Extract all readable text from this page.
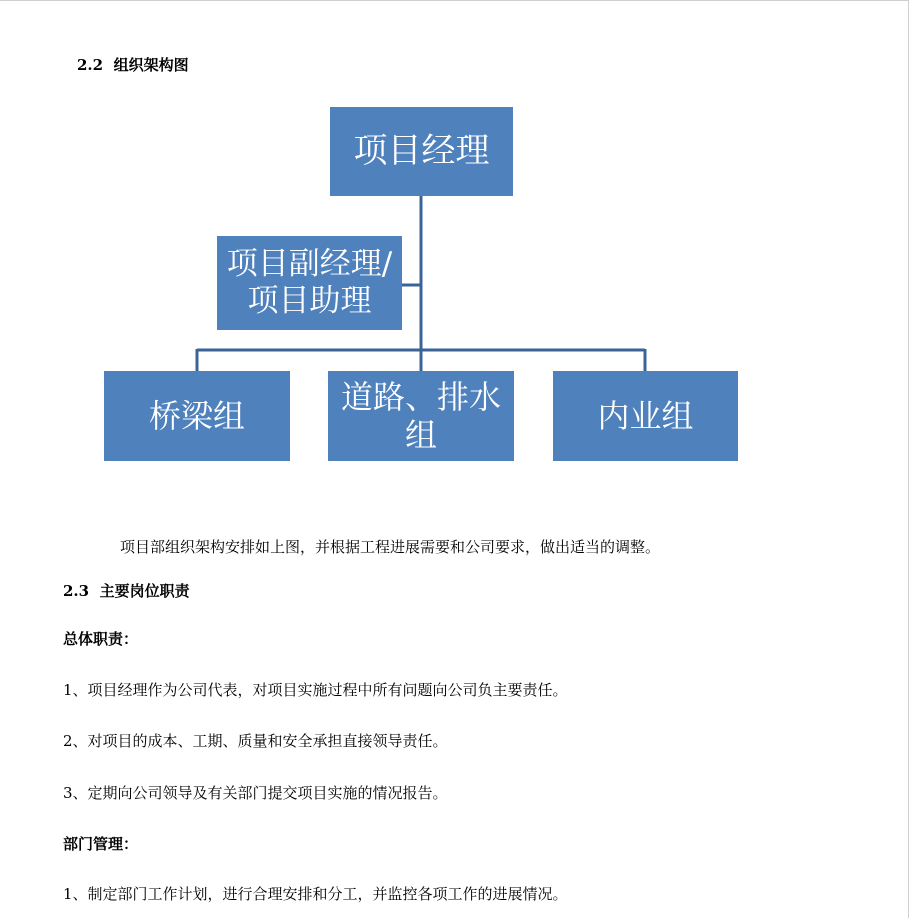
2.2 组织架构图
项目经理
项目副经理/项目助理
桥梁组
道路、排水组
内业组
项目部组织架构安排如上图，并根据工程进展需要和公司要求，做出适当的调整。
2.3 主要岗位职责
总体职责：
1、项目经理作为公司代表，对项目实施过程中所有问题向公司负主要责任。
2、对项目的成本、工期、质量和安全承担直接领导责任。
3、定期向公司领导及有关部门提交项目实施的情况报告。
部门管理：
1、制定部门工作计划，进行合理安排和分工，并监控各项工作的进展情况。
